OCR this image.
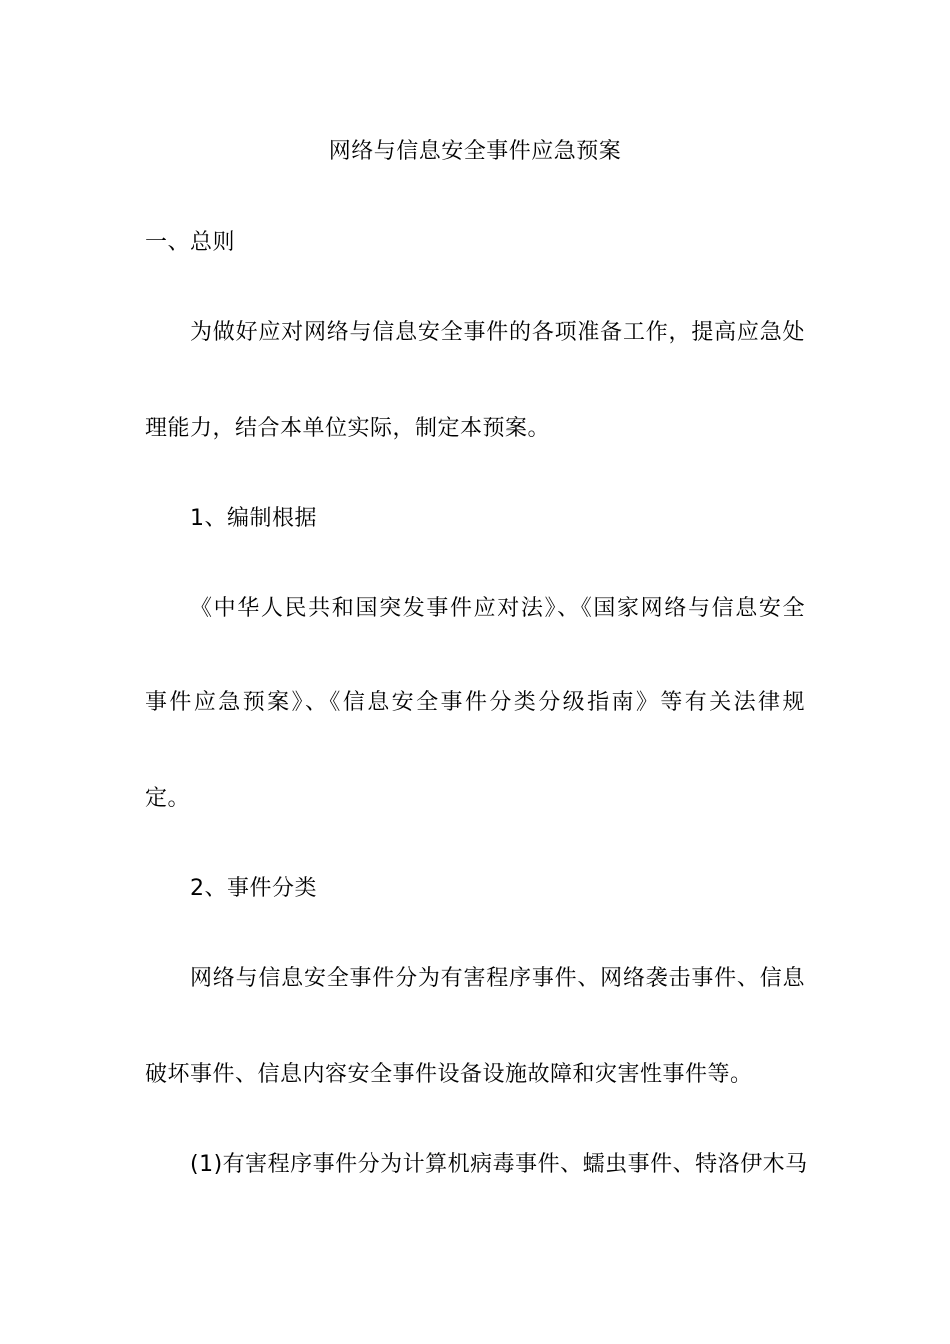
网络与信息安全事件应急预案
一、总则
为做好应对网络与信息安全事件的各项准备工作，提高应急处
理能力，结合本单位实际，制定本预案。
1、编制根据
《中华人民共和国突发事件应对法》、《国家网络与信息安全
事件应急预案》、《信息安全事件分类分级指南》等有关法律规
定。
2、事件分类
网络与信息安全事件分为有害程序事件、网络袭击事件、信息
破坏事件、信息内容安全事件设备设施故障和灾害性事件等。
(1)有害程序事件分为计算机病毒事件、蠕虫事件、特洛伊木马
